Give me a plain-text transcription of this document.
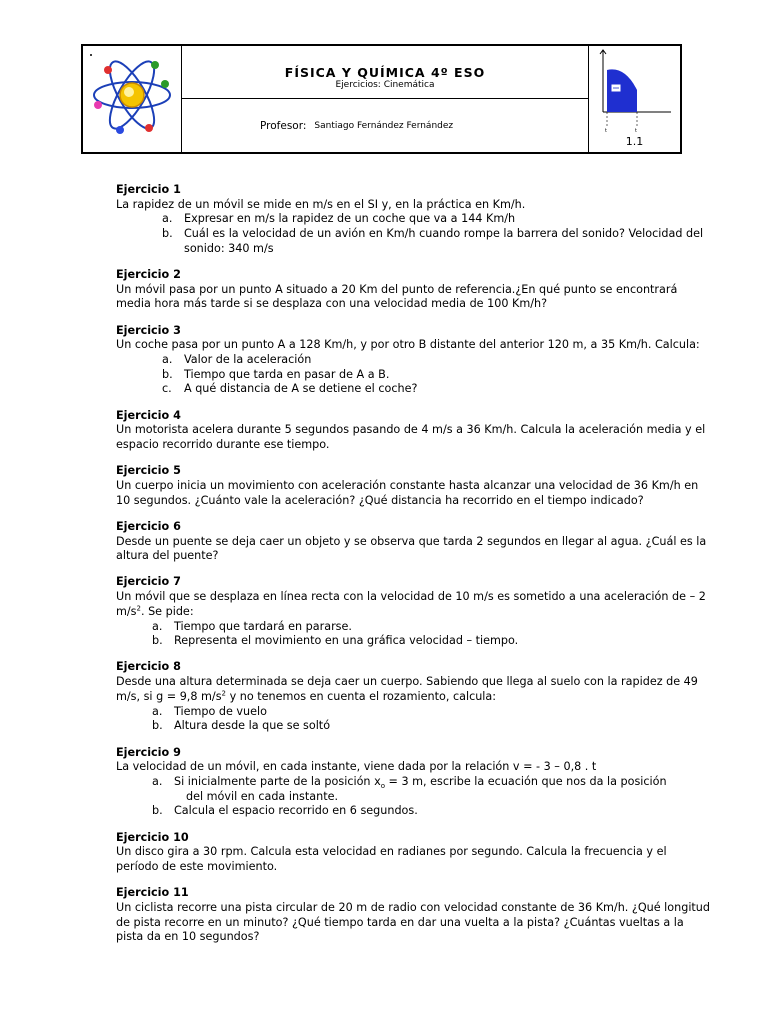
FÍSICA Y QUÍMICA 4º ESO
Ejercicios: Cinemática
Profesor: Santiago Fernández Fernández
t	t
1.1
Ejercicio 1

La rapidez de un móvil se mide en m/s en el SI y, en la práctica en Km/h.

a.	Expresar en m/s la rapidez de un coche que va a 144 Km/h
b.	Cuál es la velocidad de un avión en Km/h cuando rompe la barrera del sonido? Velocidad del sonido: 340 m/s
Ejercicio 2

Un móvil pasa por un punto A situado a 20 Km del punto de referencia.¿En qué punto se encontrará media hora más tarde si se desplaza con una velocidad media de 100 Km/h?

Ejercicio 3

Un coche pasa por un punto A a 128 Km/h, y por otro B distante del anterior 120 m, a 35 Km/h. Calcula:

a.	Valor de la aceleración
b.	Tiempo que tarda en pasar de A a B.
c.	A qué distancia de A se detiene el coche?
Ejercicio 4

Un motorista acelera durante 5 segundos pasando de 4 m/s a 36 Km/h. Calcula la aceleración media y el espacio recorrido durante ese tiempo.

Ejercicio 5

Un cuerpo inicia un movimiento con aceleración constante hasta alcanzar una velocidad de 36 Km/h en 10 segundos. ¿Cuánto vale la aceleración? ¿Qué distancia ha recorrido en el tiempo indicado?

Ejercicio 6

Desde un puente se deja caer un objeto y se observa que tarda 2 segundos en llegar al agua. ¿Cuál es la altura del puente?

Ejercicio 7

Un móvil que se desplaza en línea recta con la velocidad de 10 m/s es sometido a una aceleración de – 2 $m/s^2$. Se pide:

a.	Tiempo que tardará en pararse.
b.	Representa el movimiento en una gráfica velocidad – tiempo.
Ejercicio 8

Desde una altura determinada se deja caer un cuerpo. Sabiendo que llega al suelo con la rapidez de 49 m/s, si g = 9,8 $m/s^2$ y no tenemos en cuenta el rozamiento, calcula:

a.	Tiempo de vuelo
b.	Altura desde la que se soltó
Ejercicio 9

La velocidad de un móvil, en cada instante, viene dada por la relación v = - 3 – 0,8 . t

a.	Si inicialmente parte de la posición $x_o = 3$ m, escribe la ecuación que nos da la posición
del móvil en cada instante.
b.	Calcula el espacio recorrido en 6 segundos.
Ejercicio 10

Un disco gira a 30 rpm. Calcula esta velocidad en radianes por segundo. Calcula la frecuencia y el período de este movimiento.

Ejercicio 11

Un ciclista recorre una pista circular de 20 m de radio con velocidad constante de 36 Km/h. ¿Qué longitud de pista recorre en un minuto? ¿Qué tiempo tarda en dar una vuelta a la pista? ¿Cuántas vueltas a la pista da en 10 segundos?
